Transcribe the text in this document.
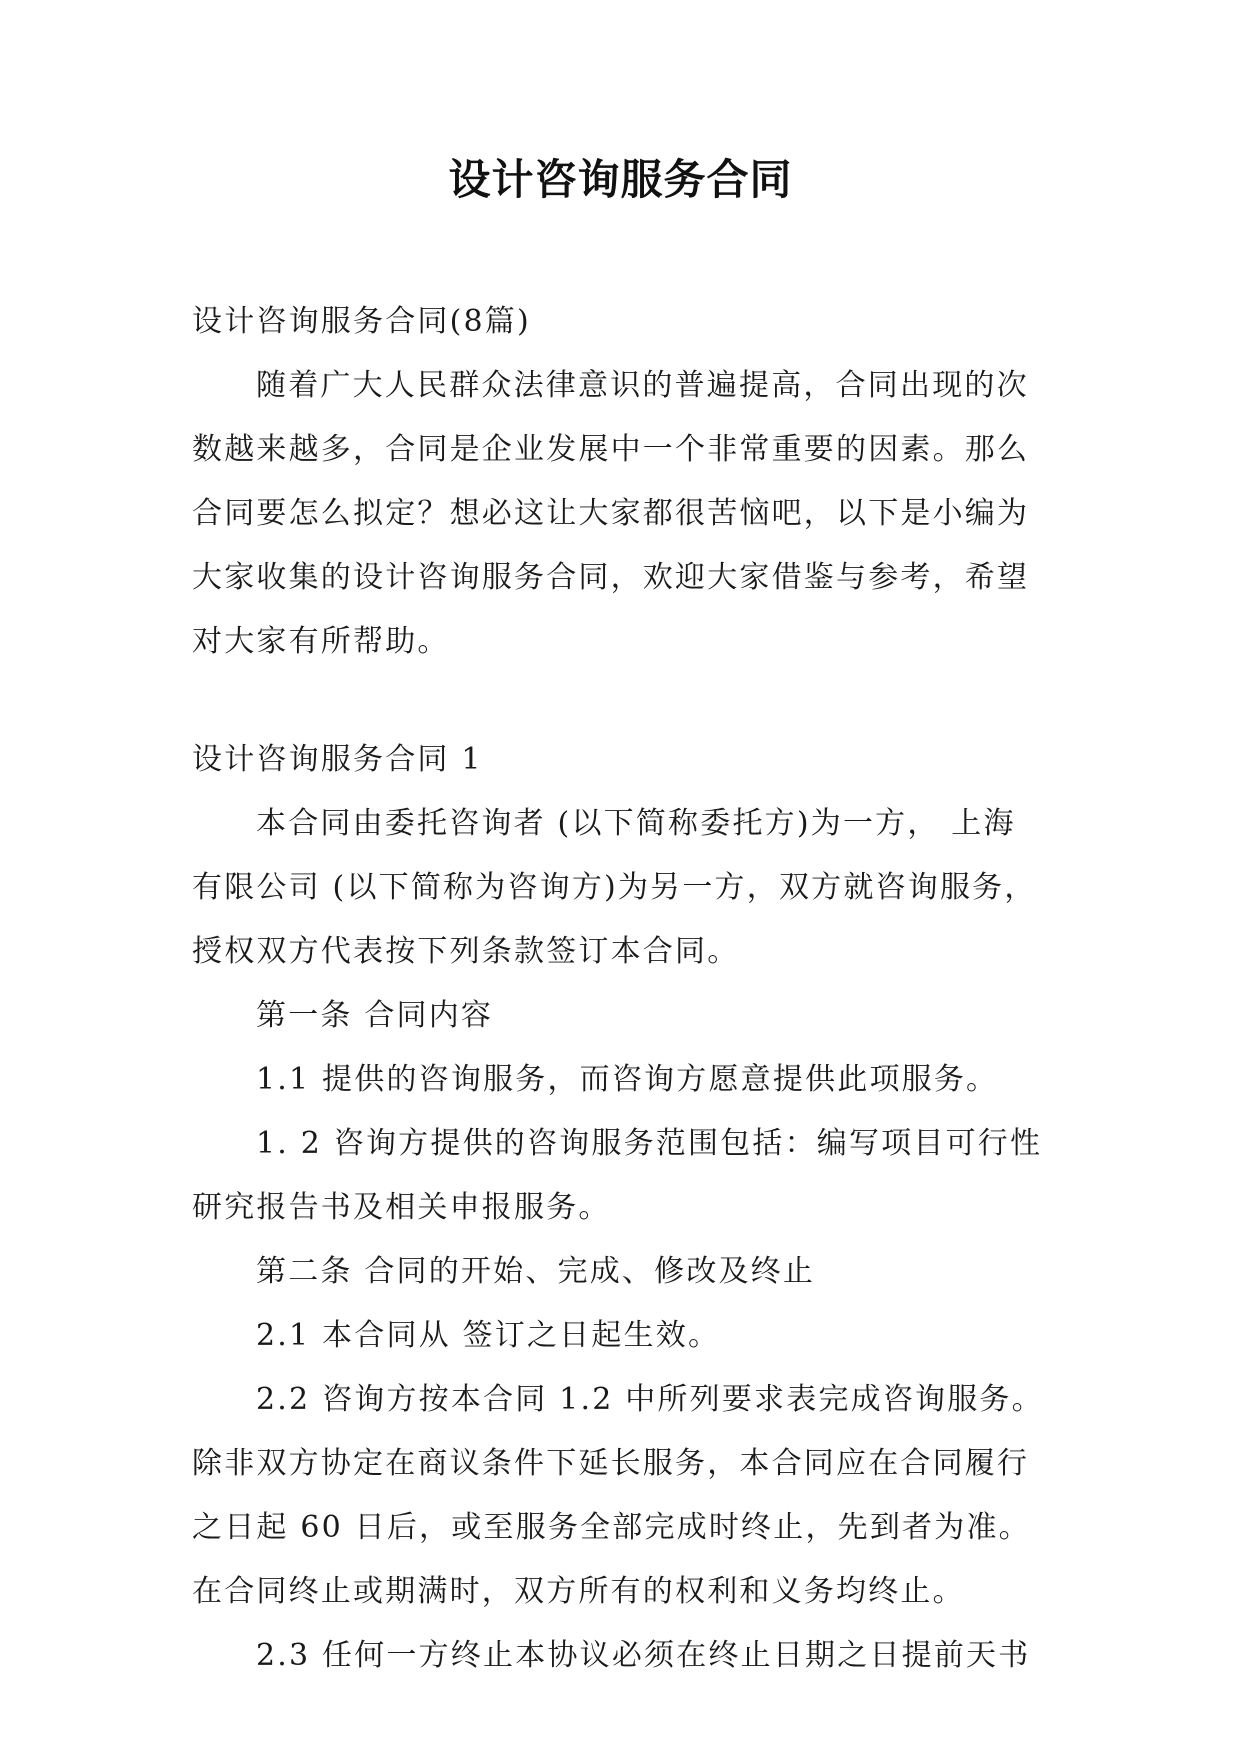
设计咨询服务合同
设计咨询服务合同(8篇)
随着广大人民群众法律意识的普遍提高，合同出现的次
数越来越多，合同是企业发展中一个非常重要的因素。那么
合同要怎么拟定？想必这让大家都很苦恼吧，以下是小编为
大家收集的设计咨询服务合同，欢迎大家借鉴与参考，希望
对大家有所帮助。
设计咨询服务合同 1
本合同由委托咨询者 (以下简称委托方)为一方， 上海
有限公司 (以下简称为咨询方)为另一方，双方就咨询服务，
授权双方代表按下列条款签订本合同。
第一条 合同内容
1.1 提供的咨询服务，而咨询方愿意提供此项服务。
1. 2 咨询方提供的咨询服务范围包括：编写项目可行性
研究报告书及相关申报服务。
第二条 合同的开始、完成、修改及终止
2.1 本合同从 签订之日起生效。
2.2 咨询方按本合同 1.2 中所列要求表完成咨询服务。
除非双方协定在商议条件下延长服务，本合同应在合同履行
之日起 60 日后，或至服务全部完成时终止，先到者为准。
在合同终止或期满时，双方所有的权利和义务均终止。
2.3 任何一方终止本协议必须在终止日期之日提前天书
